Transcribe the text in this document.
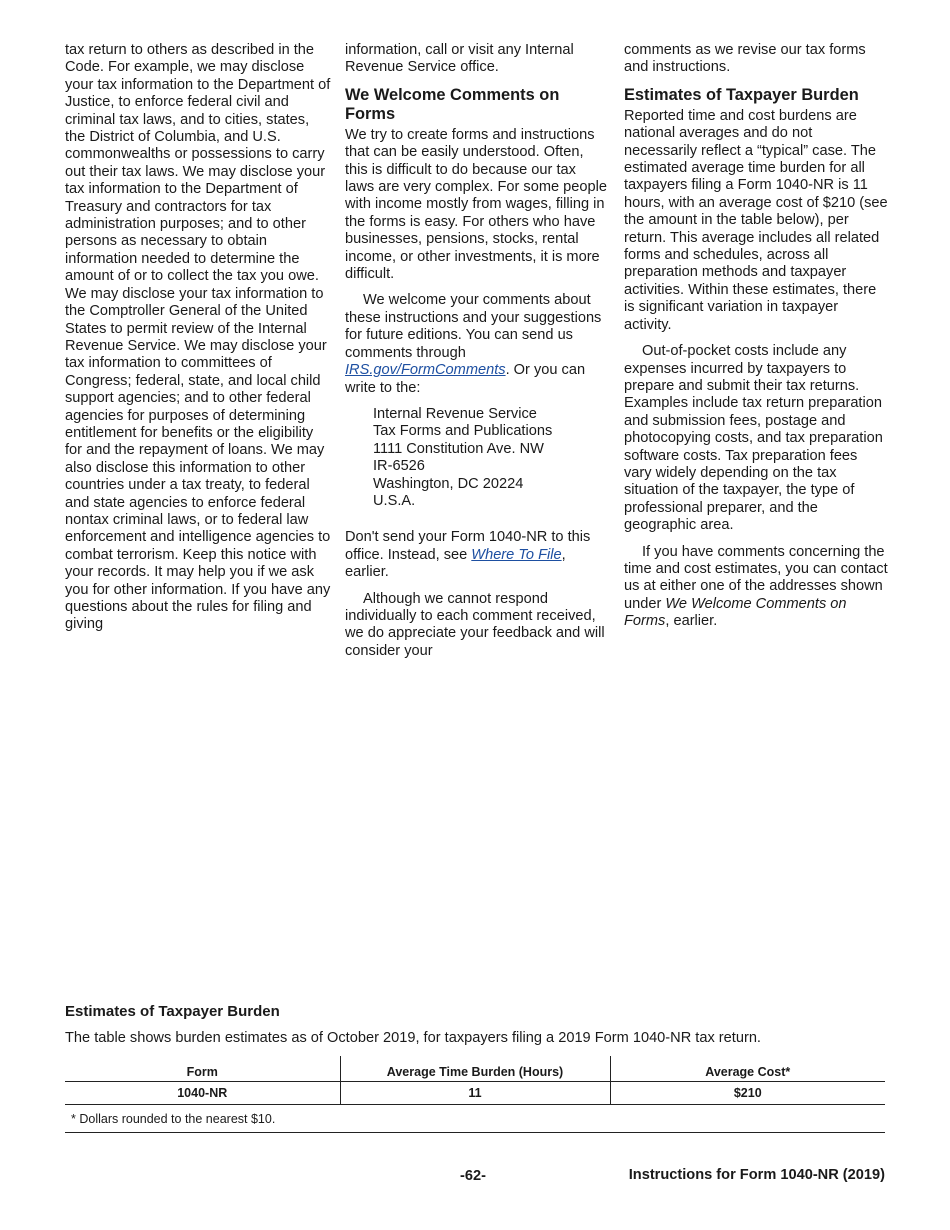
tax return to others as described in the Code. For example, we may disclose your tax information to the Department of Justice, to enforce federal civil and criminal tax laws, and to cities, states, the District of Columbia, and U.S. commonwealths or possessions to carry out their tax laws. We may disclose your tax information to the Department of Treasury and contractors for tax administration purposes; and to other persons as necessary to obtain information needed to determine the amount of or to collect the tax you owe. We may disclose your tax information to the Comptroller General of the United States to permit review of the Internal Revenue Service. We may disclose your tax information to committees of Congress; federal, state, and local child support agencies; and to other federal agencies for purposes of determining entitlement for benefits or the eligibility for and the repayment of loans. We may also disclose this information to other countries under a tax treaty, to federal and state agencies to enforce federal nontax criminal laws, or to federal law enforcement and intelligence agencies to combat terrorism. Keep this notice with your records. It may help you if we ask you for other information. If you have any questions about the rules for filing and giving

information, call or visit any Internal Revenue Service office.

We Welcome Comments on Forms

We try to create forms and instructions that can be easily understood. Often, this is difficult to do because our tax laws are very complex. For some people with income mostly from wages, filling in the forms is easy. For others who have businesses, pensions, stocks, rental income, or other investments, it is more difficult.

We welcome your comments about these instructions and your suggestions for future editions. You can send us comments through IRS.gov/FormComments. Or you can write to the:

Internal Revenue Service
Tax Forms and Publications
1111 Constitution Ave. NW
IR-6526
Washington, DC 20224
U.S.A.

Don't send your Form 1040-NR to this office. Instead, see Where To File, earlier.

Although we cannot respond individually to each comment received, we do appreciate your feedback and will consider your

comments as we revise our tax forms and instructions.

Estimates of Taxpayer Burden

Reported time and cost burdens are national averages and do not necessarily reflect a “typical” case. The estimated average time burden for all taxpayers filing a Form 1040-NR is 11 hours, with an average cost of $210 (see the amount in the table below), per return. This average includes all related forms and schedules, across all preparation methods and taxpayer activities. Within these estimates, there is significant variation in taxpayer activity.

Out-of-pocket costs include any expenses incurred by taxpayers to prepare and submit their tax returns. Examples include tax return preparation and submission fees, postage and photocopying costs, and tax preparation software costs. Tax preparation fees vary widely depending on the tax situation of the taxpayer, the type of professional preparer, and the geographic area.

If you have comments concerning the time and cost estimates, you can contact us at either one of the addresses shown under We Welcome Comments on Forms, earlier.

Estimates of Taxpayer Burden
The table shows burden estimates as of October 2019, for taxpayers filing a 2019 Form 1040-NR tax return.
Form	Average Time Burden (Hours)	Average Cost*
1040-NR	11	$210
* Dollars rounded to the nearest $10.		
-62-	Instructions for Form 1040-NR (2019)
